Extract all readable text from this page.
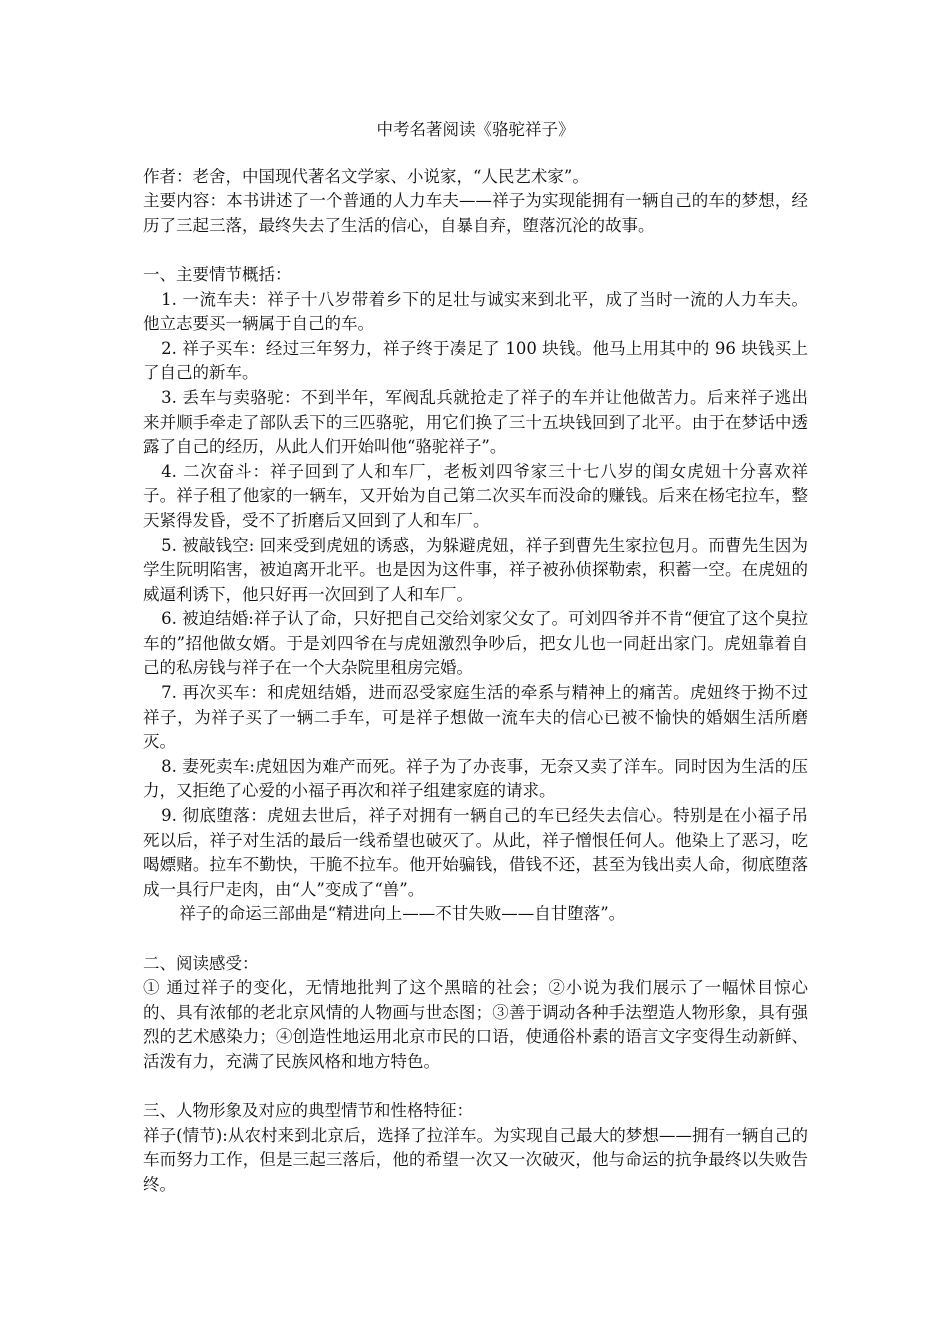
中考名著阅读《骆驼祥子》

作者：老舍，中国现代著名文学家、小说家，“人民艺术家”。

主要内容：本书讲述了一个普通的人力车夫——祥子为实现能拥有一辆自己的车的梦想，经历了三起三落，最终失去了生活的信心，自暴自弃，堕落沉沦的故事。

一、主要情节概括：

1. 一流车夫：祥子十八岁带着乡下的足壮与诚实来到北平，成了当时一流的人力车夫。他立志要买一辆属于自己的车。

2. 祥子买车：经过三年努力，祥子终于凑足了 100 块钱。他马上用其中的 96 块钱买上了自己的新车。

3. 丢车与卖骆驼：不到半年，军阀乱兵就抢走了祥子的车并让他做苦力。后来祥子逃出来并顺手牵走了部队丢下的三匹骆驼，用它们换了三十五块钱回到了北平。由于在梦话中透露了自己的经历，从此人们开始叫他“骆驼祥子”。

4. 二次奋斗：祥子回到了人和车厂，老板刘四爷家三十七八岁的闺女虎妞十分喜欢祥子。祥子租了他家的一辆车，又开始为自己第二次买车而没命的赚钱。后来在杨宅拉车，整天紧得发昏，受不了折磨后又回到了人和车厂。

5. 被敲钱空: 回来受到虎妞的诱惑，为躲避虎妞，祥子到曹先生家拉包月。而曹先生因为学生阮明陷害，被迫离开北平。也是因为这件事，祥子被孙侦探勒索，积蓄一空。在虎妞的威逼利诱下，他只好再一次回到了人和车厂。

6. 被迫结婚:祥子认了命，只好把自己交给刘家父女了。可刘四爷并不肯“便宜了这个臭拉车的”招他做女婿。于是刘四爷在与虎妞激烈争吵后，把女儿也一同赶出家门。虎妞靠着自己的私房钱与祥子在一个大杂院里租房完婚。

7. 再次买车：和虎妞结婚，进而忍受家庭生活的牵系与精神上的痛苦。虎妞终于拗不过祥子，为祥子买了一辆二手车，可是祥子想做一流车夫的信心已被不愉快的婚姻生活所磨灭。

8. 妻死卖车:虎妞因为难产而死。祥子为了办丧事，无奈又卖了洋车。同时因为生活的压力，又拒绝了心爱的小福子再次和祥子组建家庭的请求。

9. 彻底堕落：虎妞去世后，祥子对拥有一辆自己的车已经失去信心。特别是在小福子吊死以后，祥子对生活的最后一线希望也破灭了。从此，祥子憎恨任何人。他染上了恶习，吃喝嫖赌。拉车不勤快，干脆不拉车。他开始骗钱，借钱不还，甚至为钱出卖人命，彻底堕落成一具行尸走肉，由“人”变成了“兽”。

祥子的命运三部曲是“精进向上——不甘失败——自甘堕落”。

二、阅读感受：

① 通过祥子的变化，无情地批判了这个黑暗的社会；②小说为我们展示了一幅怵目惊心的、具有浓郁的老北京风情的人物画与世态图；③善于调动各种手法塑造人物形象，具有强烈的艺术感染力；④创造性地运用北京市民的口语，使通俗朴素的语言文字变得生动新鲜、活泼有力，充满了民族风格和地方特色。

三、人物形象及对应的典型情节和性格特征：

祥子(情节):从农村来到北京后，选择了拉洋车。为实现自己最大的梦想——拥有一辆自己的车而努力工作，但是三起三落后，他的希望一次又一次破灭，他与命运的抗争最终以失败告终。
